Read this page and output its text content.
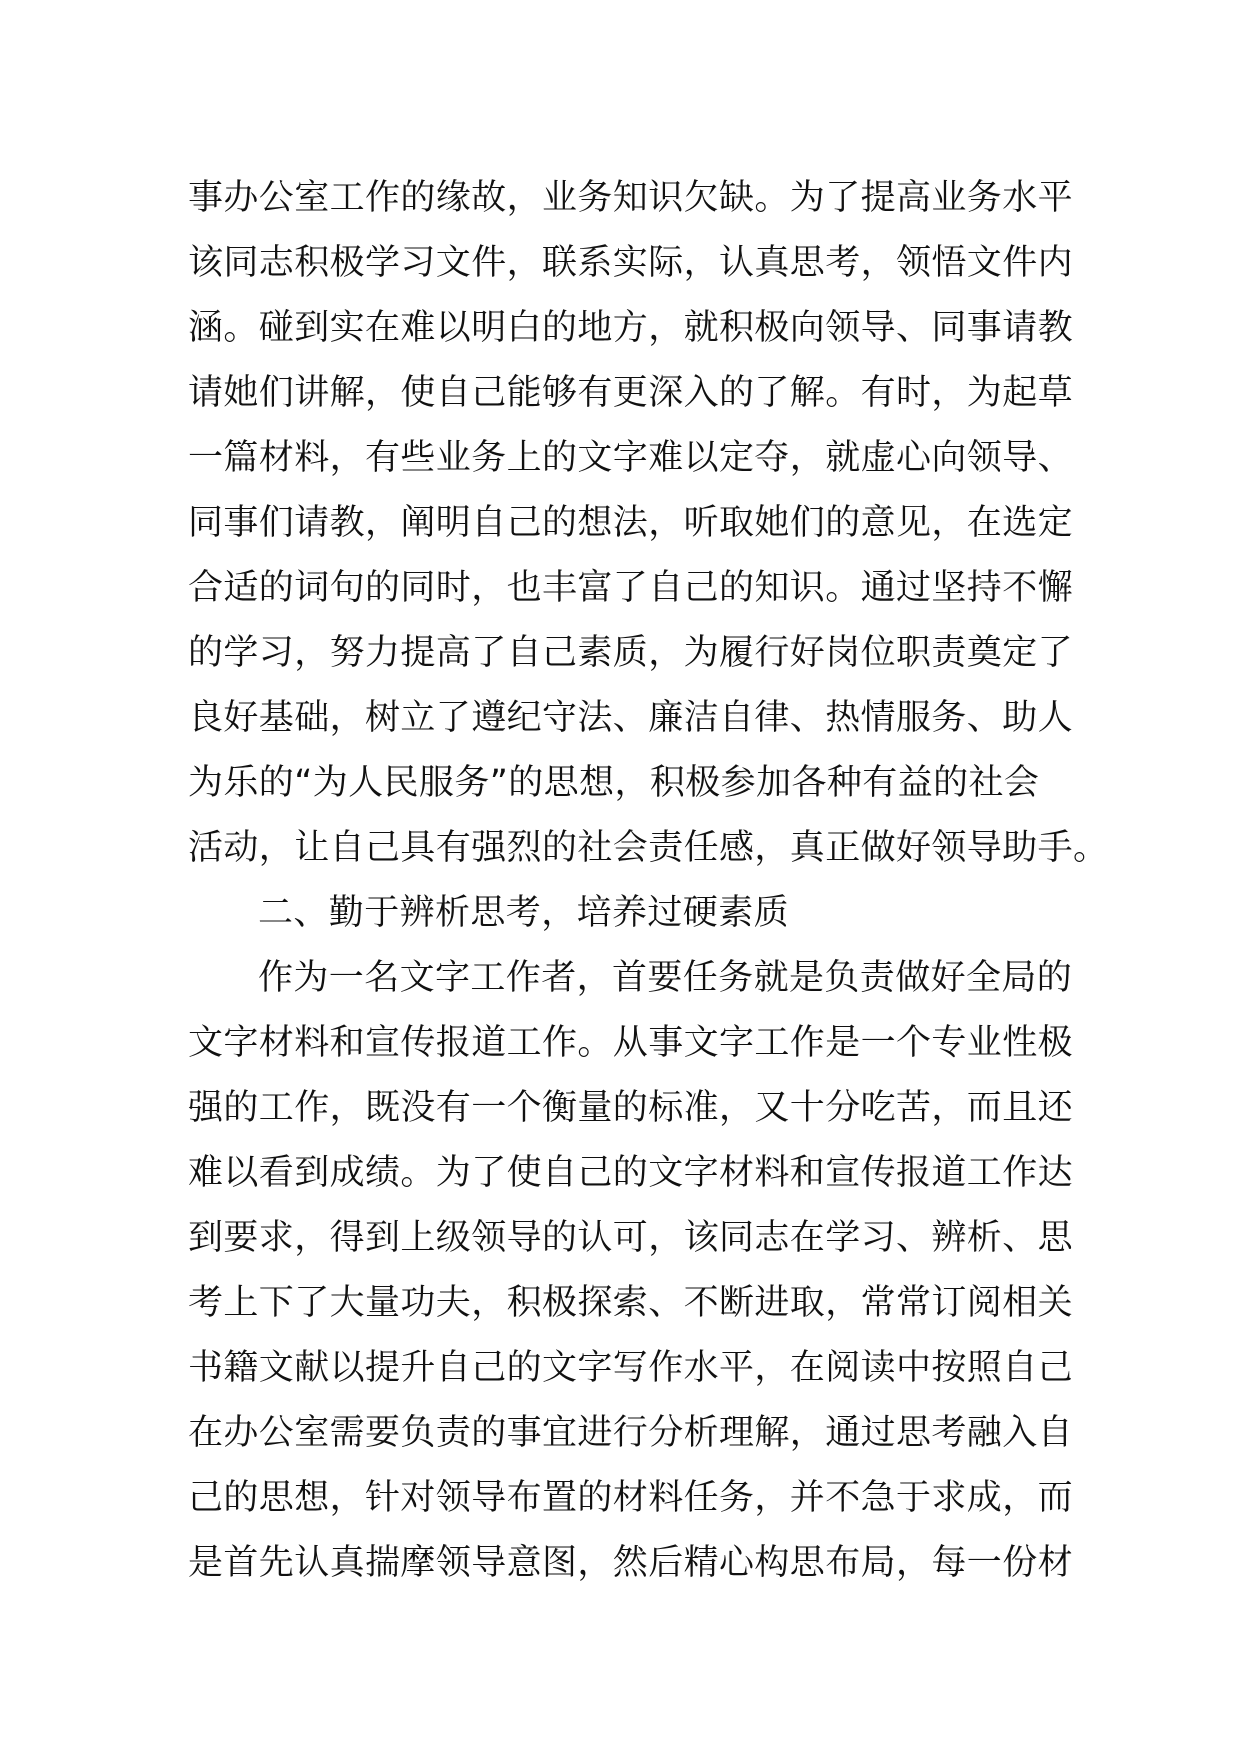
事办公室工作的缘故，业务知识欠缺。为了提高业务水平
该同志积极学习文件，联系实际，认真思考，领悟文件内
涵。碰到实在难以明白的地方，就积极向领导、同事请教
请她们讲解，使自己能够有更深入的了解。有时，为起草
一篇材料，有些业务上的文字难以定夺，就虚心向领导、
同事们请教，阐明自己的想法，听取她们的意见，在选定
合适的词句的同时，也丰富了自己的知识。通过坚持不懈
的学习，努力提高了自己素质，为履行好岗位职责奠定了
良好基础，树立了遵纪守法、廉洁自律、热情服务、助人
为乐的“为人民服务”的思想，积极参加各种有益的社会
活动，让自己具有强烈的社会责任感，真正做好领导助手。
二、勤于辨析思考，培养过硬素质
作为一名文字工作者，首要任务就是负责做好全局的
文字材料和宣传报道工作。从事文字工作是一个专业性极
强的工作，既没有一个衡量的标准，又十分吃苦，而且还
难以看到成绩。为了使自己的文字材料和宣传报道工作达
到要求，得到上级领导的认可，该同志在学习、辨析、思
考上下了大量功夫，积极探索、不断进取，常常订阅相关
书籍文献以提升自己的文字写作水平，在阅读中按照自己
在办公室需要负责的事宜进行分析理解，通过思考融入自
己的思想，针对领导布置的材料任务，并不急于求成，而
是首先认真揣摩领导意图，然后精心构思布局，每一份材
